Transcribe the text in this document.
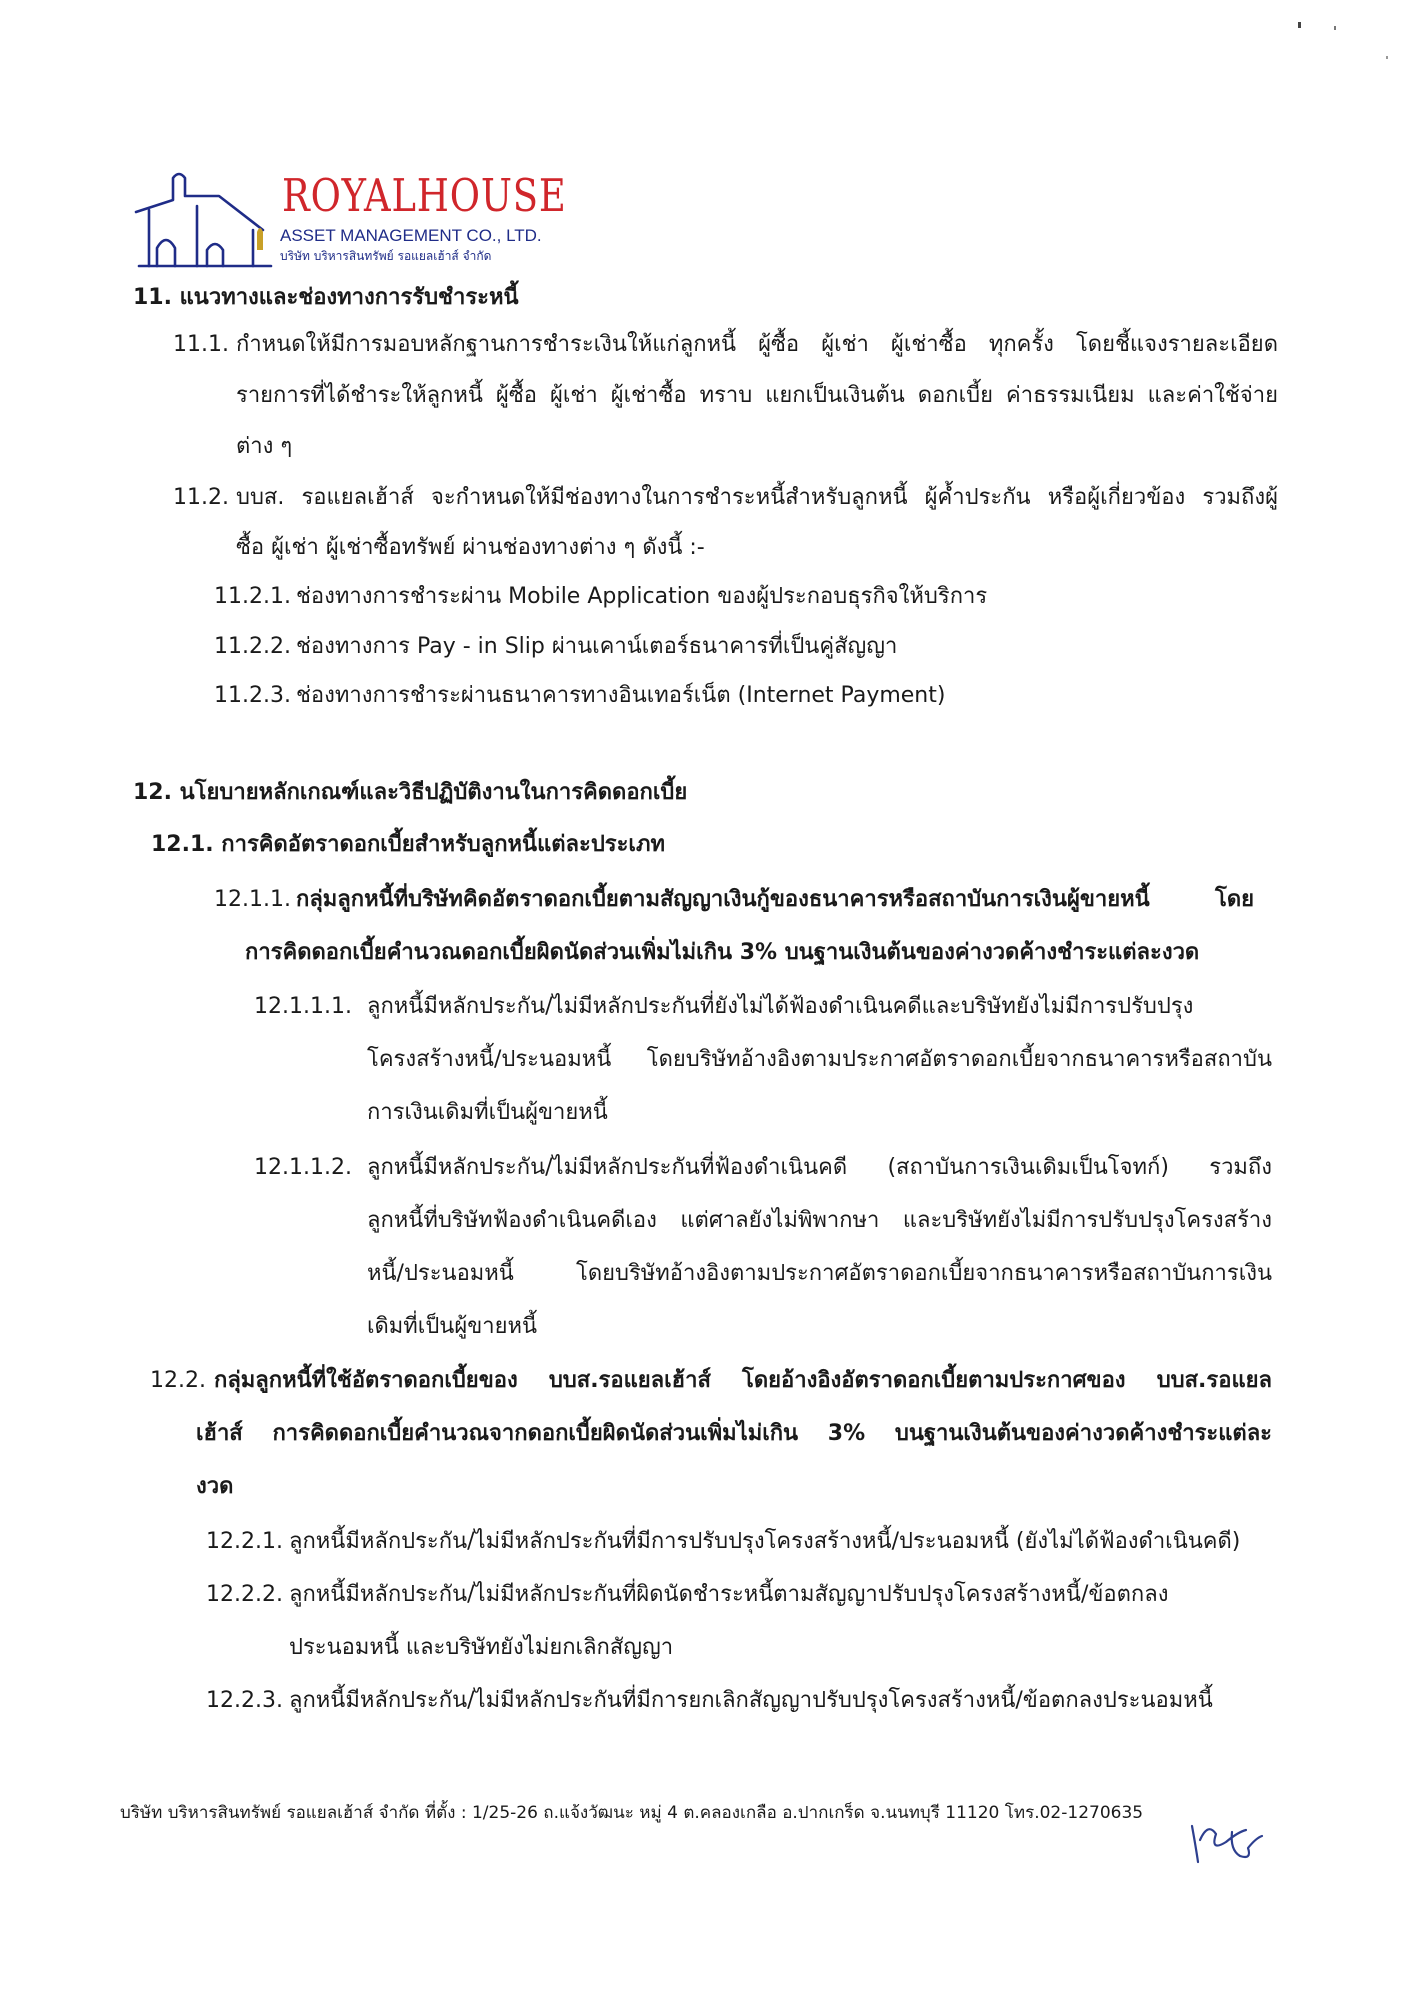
ROYALHOUSE
ASSET MANAGEMENT CO., LTD.
บริษัท บริหารสินทรัพย์ รอแยลเฮ้าส์ จำกัด
11. แนวทางและช่องทางการรับชำระหนี้
11.1. กำหนดให้มีการมอบหลักฐานการชำระเงินให้แก่ลูกหนี้ ผู้ซื้อ ผู้เช่า ผู้เช่าซื้อ ทุกครั้ง โดยชี้แจงรายละเอียด
รายการที่ได้ชำระให้ลูกหนี้ ผู้ซื้อ ผู้เช่า ผู้เช่าซื้อ ทราบ แยกเป็นเงินต้น ดอกเบี้ย ค่าธรรมเนียม และค่าใช้จ่าย
ต่าง ๆ
11.2. บบส. รอแยลเฮ้าส์ จะกำหนดให้มีช่องทางในการชำระหนี้สำหรับลูกหนี้ ผู้ค้ำประกัน หรือผู้เกี่ยวข้อง รวมถึงผู้
ซื้อ ผู้เช่า ผู้เช่าซื้อทรัพย์ ผ่านช่องทางต่าง ๆ ดังนี้ :-
11.2.1. ช่องทางการชำระผ่าน Mobile Application ของผู้ประกอบธุรกิจให้บริการ
11.2.2. ช่องทางการ Pay - in Slip ผ่านเคาน์เตอร์ธนาคารที่เป็นคู่สัญญา
11.2.3. ช่องทางการชำระผ่านธนาคารทางอินเทอร์เน็ต (Internet Payment)
12. นโยบายหลักเกณฑ์และวิธีปฏิบัติงานในการคิดดอกเบี้ย
12.1. การคิดอัตราดอกเบี้ยสำหรับลูกหนี้แต่ละประเภท
12.1.1. กลุ่มลูกหนี้ที่บริษัทคิดอัตราดอกเบี้ยตามสัญญาเงินกู้ของธนาคารหรือสถาบันการเงินผู้ขายหนี้ โดย
การคิดดอกเบี้ยคำนวณดอกเบี้ยผิดนัดส่วนเพิ่มไม่เกิน 3% บนฐานเงินต้นของค่างวดค้างชำระแต่ละงวด
12.1.1.1. ลูกหนี้มีหลักประกัน/ไม่มีหลักประกันที่ยังไม่ได้ฟ้องดำเนินคดีและบริษัทยังไม่มีการปรับปรุง
โครงสร้างหนี้/ประนอมหนี้ โดยบริษัทอ้างอิงตามประกาศอัตราดอกเบี้ยจากธนาคารหรือสถาบัน
การเงินเดิมที่เป็นผู้ขายหนี้
12.1.1.2. ลูกหนี้มีหลักประกัน/ไม่มีหลักประกันที่ฟ้องดำเนินคดี (สถาบันการเงินเดิมเป็นโจทก์) รวมถึง
ลูกหนี้ที่บริษัทฟ้องดำเนินคดีเอง แต่ศาลยังไม่พิพากษา และบริษัทยังไม่มีการปรับปรุงโครงสร้าง
หนี้/ประนอมหนี้ โดยบริษัทอ้างอิงตามประกาศอัตราดอกเบี้ยจากธนาคารหรือสถาบันการเงิน
เดิมที่เป็นผู้ขายหนี้
12.2. กลุ่มลูกหนี้ที่ใช้อัตราดอกเบี้ยของ บบส.รอแยลเฮ้าส์ โดยอ้างอิงอัตราดอกเบี้ยตามประกาศของ บบส.รอแยล
เฮ้าส์ การคิดดอกเบี้ยคำนวณจากดอกเบี้ยผิดนัดส่วนเพิ่มไม่เกิน 3% บนฐานเงินต้นของค่างวดค้างชำระแต่ละ
งวด
12.2.1. ลูกหนี้มีหลักประกัน/ไม่มีหลักประกันที่มีการปรับปรุงโครงสร้างหนี้/ประนอมหนี้ (ยังไม่ได้ฟ้องดำเนินคดี)
12.2.2. ลูกหนี้มีหลักประกัน/ไม่มีหลักประกันที่ผิดนัดชำระหนี้ตามสัญญาปรับปรุงโครงสร้างหนี้/ข้อตกลง
ประนอมหนี้ และบริษัทยังไม่ยกเลิกสัญญา
12.2.3. ลูกหนี้มีหลักประกัน/ไม่มีหลักประกันที่มีการยกเลิกสัญญาปรับปรุงโครงสร้างหนี้/ข้อตกลงประนอมหนี้
บริษัท บริหารสินทรัพย์ รอแยลเฮ้าส์ จำกัด ที่ตั้ง : 1/25-26 ถ.แจ้งวัฒนะ หมู่ 4 ต.คลองเกลือ อ.ปากเกร็ด จ.นนทบุรี 11120 โทร.02-1270635
